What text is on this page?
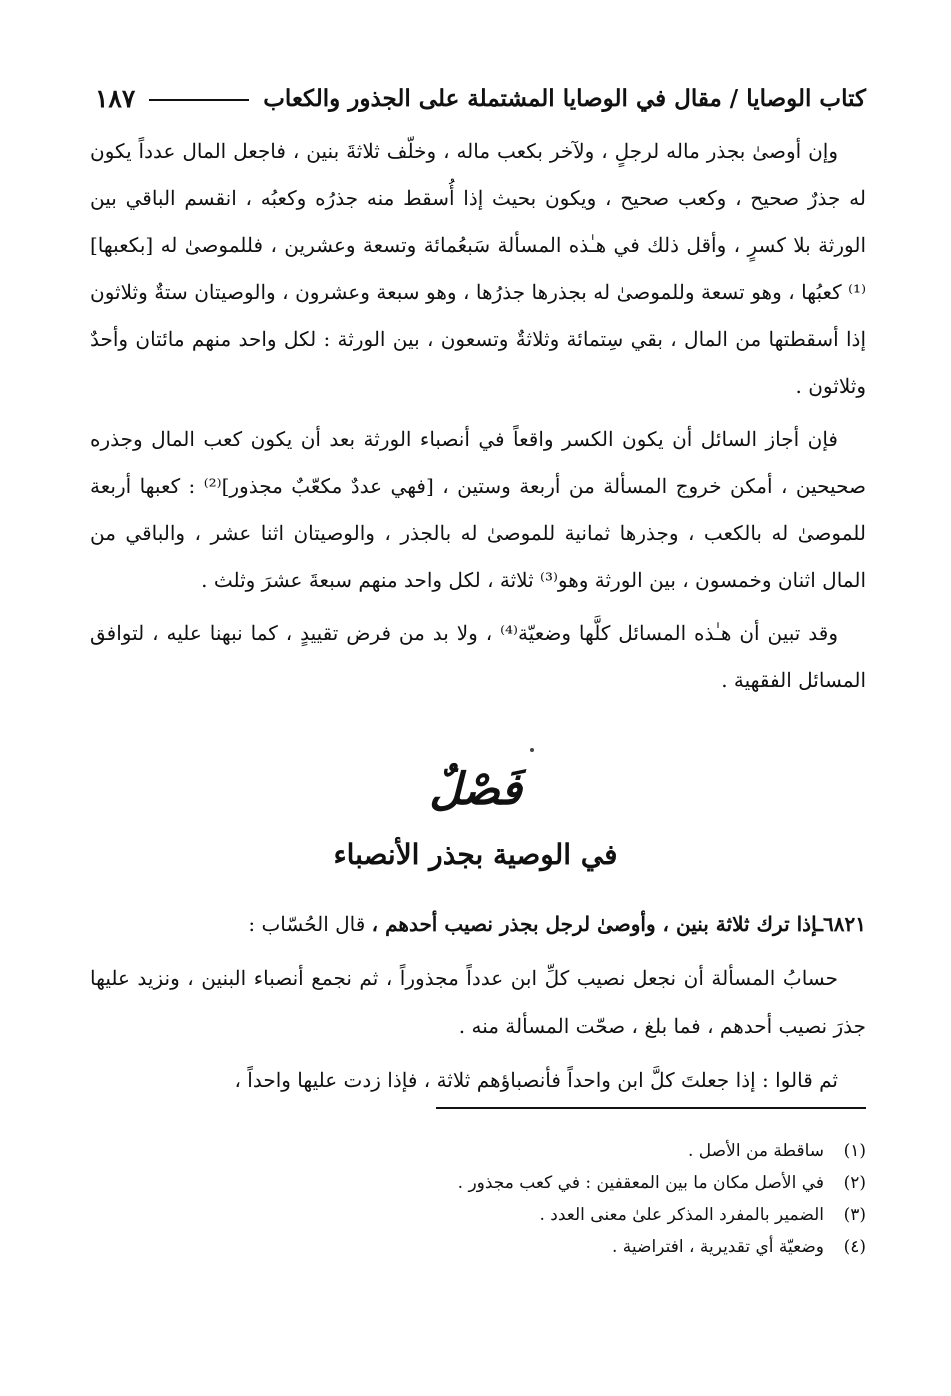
كتاب الوصايا / مقال في الوصايا المشتملة على الجذور والكعاب
١٨٧

وإن أوصىٰ بجذر ماله لرجلٍ ، ولآخر بكعب ماله ، وخلّف ثلاثةَ بنين ، فاجعل المال عدداً يكون له جذرٌ صحيح ، وكعب صحيح ، ويكون بحيث إذا أُسقط منه جذرُه وكعبُه ، انقسم الباقي بين الورثة بلا كسرٍ ، وأقل ذلك في هـٰذه المسألة سَبعُمائة وتسعة وعشرين ، فللموصىٰ له [بكعبها]⁽¹⁾ كعبُها ، وهو تسعة وللموصىٰ له بجذرها جذرُها ، وهو سبعة وعشرون ، والوصيتان ستةٌ وثلاثون إذا أسقطتها من المال ، بقي سِتمائة وثلاثةٌ وتسعون ، بين الورثة : لكل واحد منهم مائتان وأحدٌ وثلاثون .

فإن أجاز السائل أن يكون الكسر واقعاً في أنصباء الورثة بعد أن يكون كعب المال وجذره صحيحين ، أمكن خروج المسألة من أربعة وستين ، [فهي عددٌ مكعّبٌ مجذور]⁽²⁾ : كعبها أربعة للموصىٰ له بالكعب ، وجذرها ثمانية للموصىٰ له بالجذر ، والوصيتان اثنا عشر ، والباقي من المال اثنان وخمسون ، بين الورثة وهو⁽³⁾ ثلاثة ، لكل واحد منهم سبعةَ عشرَ وثلث .

وقد تبين أن هـٰذه المسائل كلَّها وضعيّة⁽⁴⁾ ، ولا بد من فرض تقييدٍ ، كما نبهنا عليه ، لتوافق المسائل الفقهية .

فَصْلٌ
في الوصية بجذر الأنصباء

٦٨٢١ـإذا ترك ثلاثة بنين ، وأوصىٰ لرجل بجذر نصيب أحدهم ، قال الحُسّاب :

حسابُ المسألة أن نجعل نصيب كلِّ ابن عدداً مجذوراً ، ثم نجمع أنصباء البنين ، ونزيد عليها جذرَ نصيب أحدهم ، فما بلغ ، صحّت المسألة منه .

ثم قالوا : إذا جعلتَ كلَّ ابن واحداً فأنصباؤهم ثلاثة ، فإذا زدت عليها واحداً ،

(١)
ساقطة من الأصل .
(٢)
في الأصل مكان ما بين المعقفين : في كعب مجذور .
(٣)
الضمير بالمفرد المذكر علىٰ معنى العدد .
(٤)
وضعيّة أي تقديرية ، افتراضية .
